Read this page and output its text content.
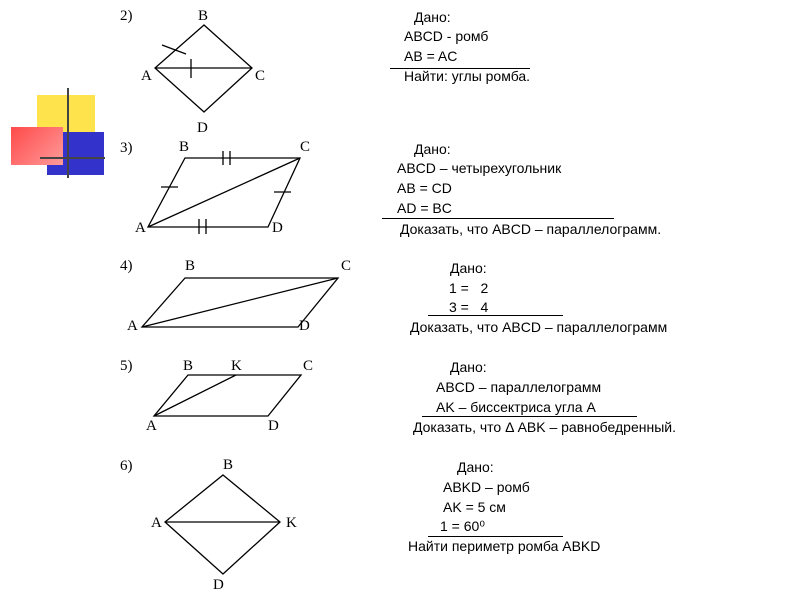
2)	B
A	C
D
Дано:
ABCD - ромб
AB = AC
Найти: углы ромба.
3)	B	C
A	D
Дано:
ABCD – четырехугольник
AB = CD
AD = BC
Доказать, что ABCD – параллелограмм.
4)	B	C
A	D
Дано:
1 =   2
3 =   4
Доказать, что ABCD – параллелограмм
5)	B	K	C
A	D
Дано:
ABCD – параллелограмм
AK – биссектриса угла A
Доказать, что Δ ABK – равнобедренный.
6)	B
A	K
D
Дано:
ABKD – ромб
AK = 5 см
1 = 60⁰
Найти периметр ромба ABKD
